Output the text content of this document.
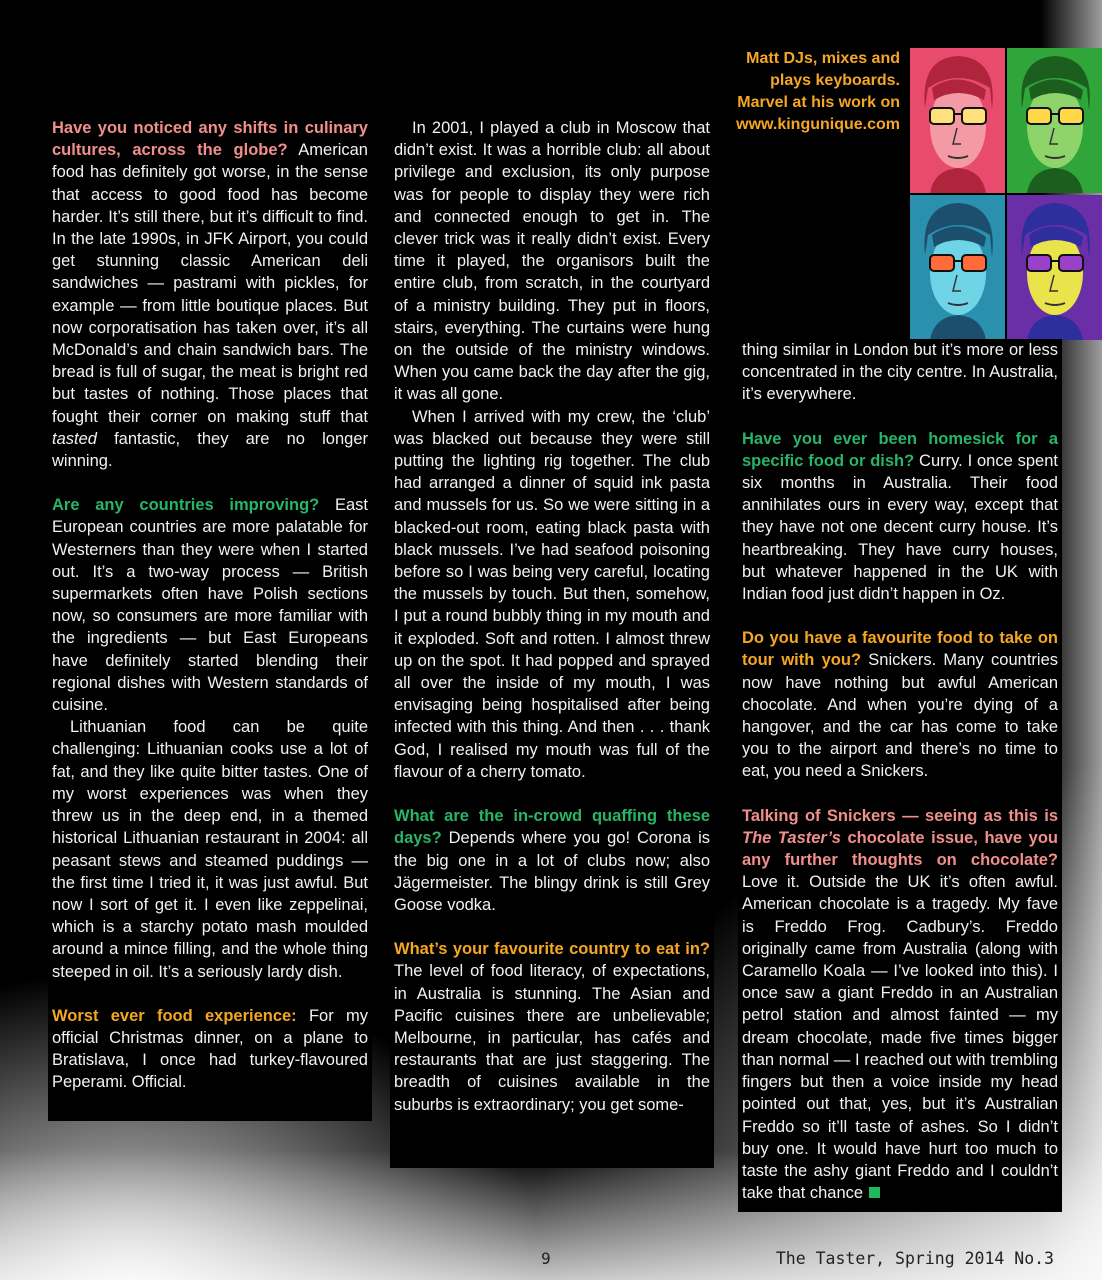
Matt DJs, mixes and
plays keyboards.
Marvel at his work on
www.kingunique.com

Have you noticed any shifts in culinary cultures, across the globe? American food has definitely got worse, in the sense that access to good food has become harder. It’s still there, but it’s difficult to find. In the late 1990s, in JFK Airport, you could get stunning classic American deli sandwiches — pastrami with pickles, for example — from little boutique places. But now corporatisation has taken over, it’s all McDonald’s and chain sandwich bars. The bread is full of sugar, the meat is bright red but tastes of nothing. Those places that fought their corner on making stuff that tasted fantastic, they are no longer winning.

Are any countries improving? East European countries are more palatable for Westerners than they were when I started out. It’s a two-way process — British supermarkets often have Polish sections now, so consumers are more familiar with the ingredients — but East Europeans have definitely started blending their regional dishes with Western standards of cuisine.

Lithuanian food can be quite challenging: Lithuanian cooks use a lot of fat, and they like quite bitter tastes. One of my worst experiences was when they threw us in the deep end, in a themed historical Lithuanian restaurant in 2004: all peasant stews and steamed puddings — the first time I tried it, it was just awful. But now I sort of get it. I even like zeppelinai, which is a starchy potato mash moulded around a mince filling, and the whole thing steeped in oil. It’s a seriously lardy dish.

Worst ever food experience: For my official Christmas dinner, on a plane to Bratislava, I once had turkey-flavoured Peperami. Official.

In 2001, I played a club in Moscow that didn’t exist. It was a horrible club: all about privilege and exclusion, its only purpose was for people to display they were rich and connected enough to get in. The clever trick was it really didn’t exist. Every time it played, the organisors built the entire club, from scratch, in the courtyard of a ministry building. They put in floors, stairs, everything. The curtains were hung on the outside of the ministry windows. When you came back the day after the gig, it was all gone.

When I arrived with my crew, the ‘club’ was blacked out because they were still putting the lighting rig together. The club had arranged a dinner of squid ink pasta and mussels for us. So we were sitting in a blacked-out room, eating black pasta with black mussels. I’ve had seafood poisoning before so I was being very careful, locating the mussels by touch. But then, somehow, I put a round bubbly thing in my mouth and it exploded. Soft and rotten. I almost threw up on the spot. It had popped and sprayed all over the inside of my mouth, I was envisaging being hospitalised after being infected with this thing. And then . . . thank God, I realised my mouth was full of the flavour of a cherry tomato.

What are the in-crowd quaffing these days? Depends where you go! Corona is the big one in a lot of clubs now; also Jägermeister. The blingy drink is still Grey Goose vodka.

What’s your favourite country to eat in? The level of food literacy, of expectations, in Australia is stunning. The Asian and Pacific cuisines there are unbelievable; Melbourne, in particular, has cafés and restaurants that are just staggering. The breadth of cuisines available in the suburbs is extraordinary; you get some-

thing similar in London but it’s more or less concentrated in the city centre. In Australia, it’s everywhere.

Have you ever been homesick for a specific food or dish? Curry. I once spent six months in Australia. Their food annihilates ours in every way, except that they have not one decent curry house. It’s heartbreaking. They have curry houses, but whatever happened in the UK with Indian food just didn’t happen in Oz.

Do you have a favourite food to take on tour with you? Snickers. Many countries now have nothing but awful American chocolate. And when you’re dying of a hangover, and the car has come to take you to the airport and there’s no time to eat, you need a Snickers.

Talking of Snickers — seeing as this is The Taster’s chocolate issue, have you any further thoughts on chocolate? Love it. Outside the UK it’s often awful. American chocolate is a tragedy. My fave is Freddo Frog. Cadbury’s. Freddo originally came from Australia (along with Caramello Koala — I’ve looked into this). I once saw a giant Freddo in an Australian petrol station and almost fainted — my dream chocolate, made five times bigger than normal — I reached out with trembling fingers but then a voice inside my head pointed out that, yes, but it’s Australian Freddo so it’ll taste of ashes. So I didn’t buy one. It would have hurt too much to taste the ashy giant Freddo and I couldn’t take that chance

9	The Taster, Spring 2014 No.3
